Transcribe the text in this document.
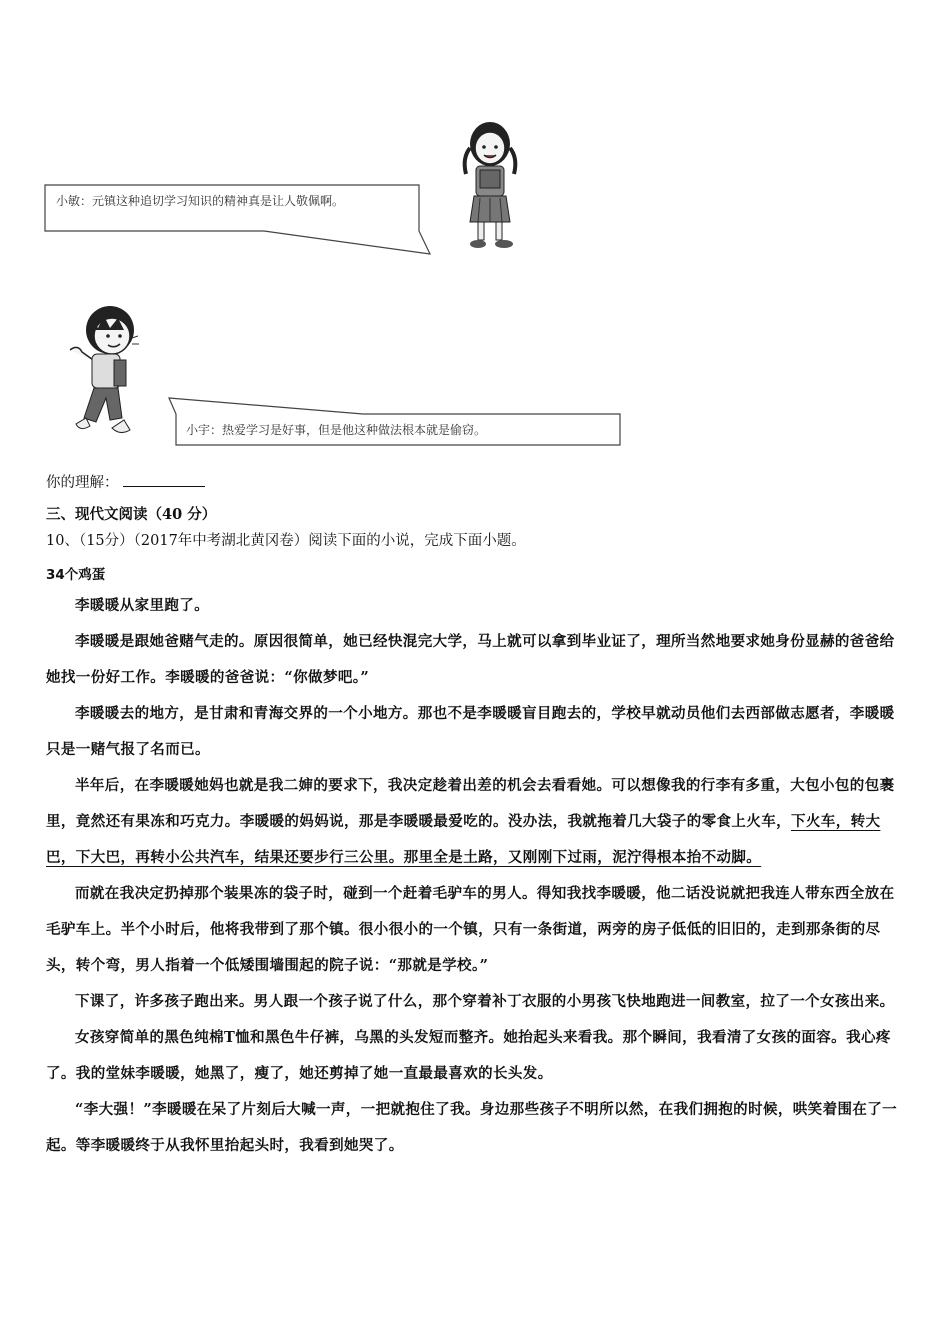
小敏：元镇这种追切学习知识的精神真是让人敬佩啊。
小宇：热爱学习是好事，但是他这种做法根本就是偷窃。
你的理解：
三、现代文阅读（40 分）
10、（15分）（2017年中考湖北黄冈卷）阅读下面的小说，完成下面小题。
34个鸡蛋

李暖暖从家里跑了。

李暖暖是跟她爸赌气走的。原因很简单，她已经快混完大学，马上就可以拿到毕业证了，理所当然地要求她身份显赫的爸爸给她找一份好工作。李暖暖的爸爸说：“你做梦吧。”

李暖暖去的地方，是甘肃和青海交界的一个小地方。那也不是李暖暖盲目跑去的，学校早就动员他们去西部做志愿者，李暖暖只是一赌气报了名而已。

半年后，在李暖暖她妈也就是我二婶的要求下，我决定趁着出差的机会去看看她。可以想像我的行李有多重，大包小包的包裹里，竟然还有果冻和巧克力。李暖暖的妈妈说，那是李暖暖最爱吃的。没办法，我就拖着几大袋子的零食上火车，下火车，转大巴，下大巴，再转小公共汽车，结果还要步行三公里。那里全是土路，又刚刚下过雨，泥泞得根本抬不动脚。

而就在我决定扔掉那个装果冻的袋子时，碰到一个赶着毛驴车的男人。得知我找李暖暖，他二话没说就把我连人带东西全放在毛驴车上。半个小时后，他将我带到了那个镇。很小很小的一个镇，只有一条街道，两旁的房子低低的旧旧的，走到那条街的尽头，转个弯，男人指着一个低矮围墙围起的院子说：“那就是学校。”

下课了，许多孩子跑出来。男人跟一个孩子说了什么，那个穿着补丁衣服的小男孩飞快地跑进一间教室，拉了一个女孩出来。

女孩穿简单的黑色纯棉T恤和黑色牛仔裤，乌黑的头发短而整齐。她抬起头来看我。那个瞬间，我看清了女孩的面容。我心疼了。我的堂妹李暖暖，她黑了，瘦了，她还剪掉了她一直最最喜欢的长头发。

“李大强！”李暖暖在呆了片刻后大喊一声，一把就抱住了我。身边那些孩子不明所以然，在我们拥抱的时候，哄笑着围在了一起。等李暖暖终于从我怀里抬起头时，我看到她哭了。
